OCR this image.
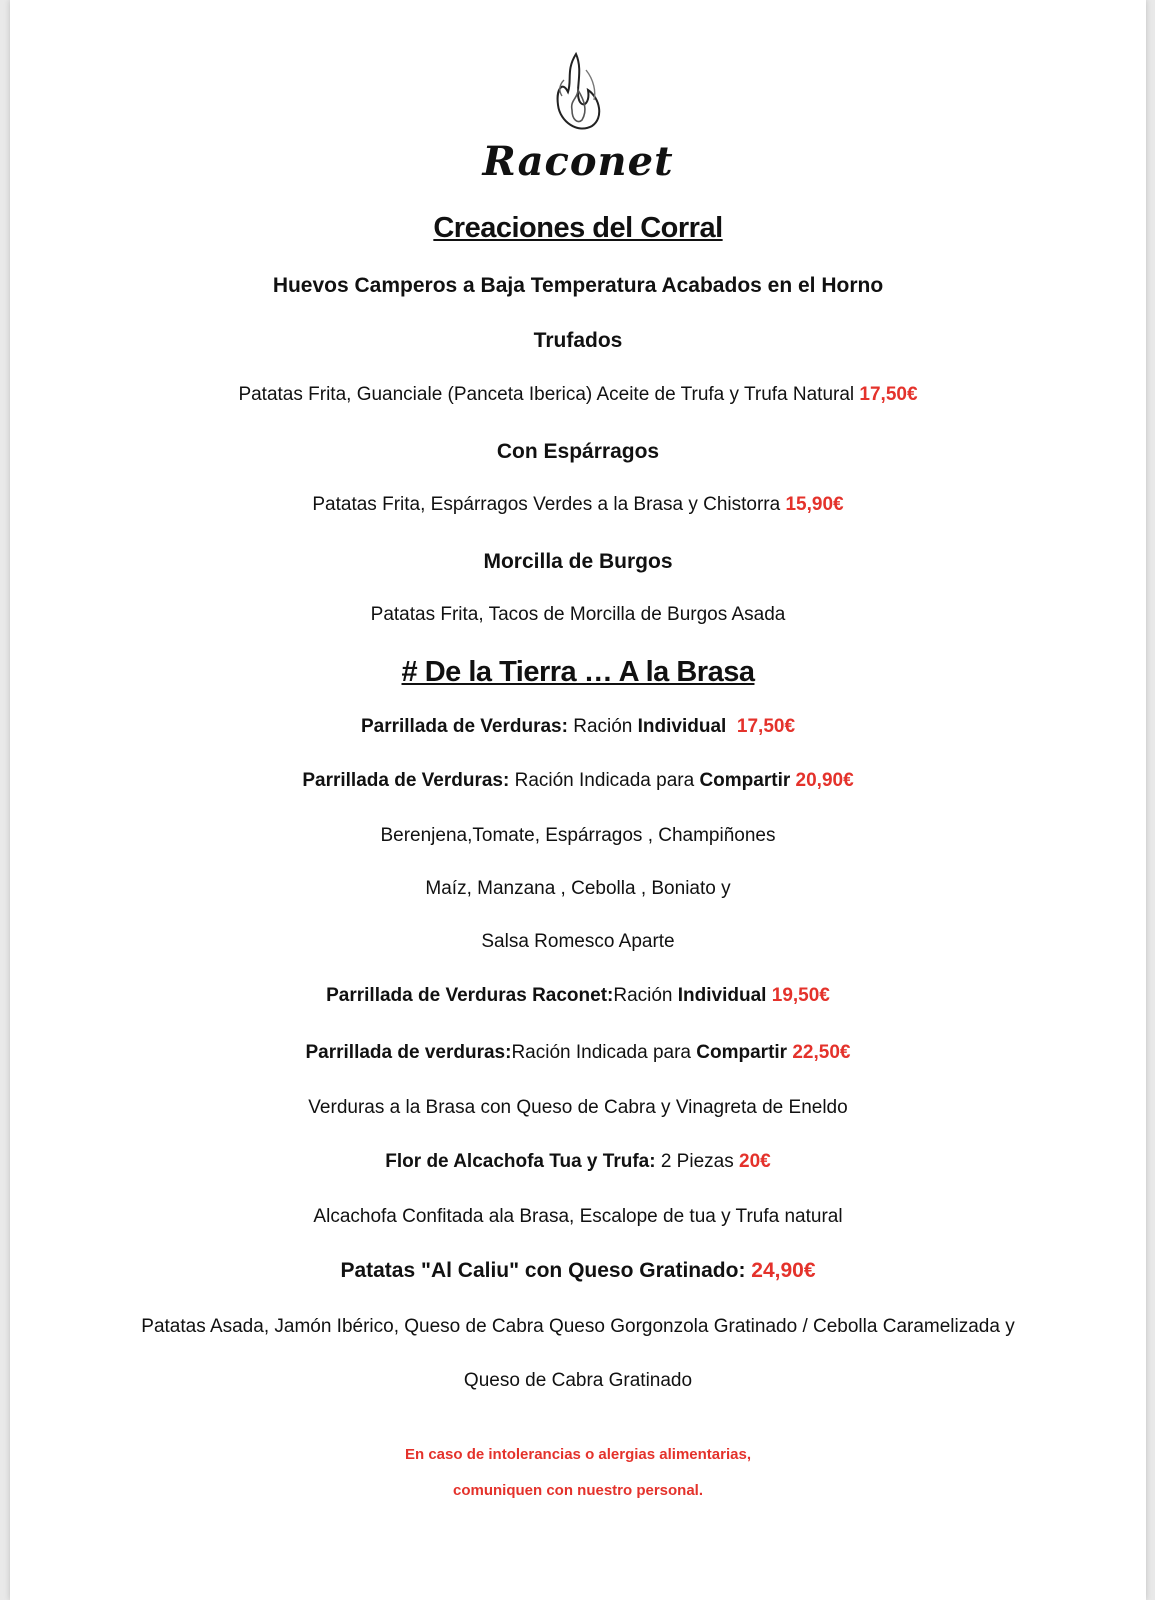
Raconet
Creaciones del Corral
Huevos Camperos a Baja Temperatura Acabados en el Horno
Trufados
Patatas Frita, Guanciale (Panceta Iberica) Aceite de Trufa y Trufa Natural 17,50€
Con Espárragos
Patatas Frita, Espárragos Verdes a la Brasa y Chistorra 15,90€
Morcilla de Burgos
Patatas Frita, Tacos de Morcilla de Burgos Asada
# De la Tierra … A la Brasa
Parrillada de Verduras: Ración Individual 17,50€
Parrillada de Verduras: Ración Indicada para Compartir 20,90€
Berenjena,Tomate, Espárragos , Champiñones
Maíz, Manzana , Cebolla , Boniato y
Salsa Romesco Aparte
Parrillada de Verduras Raconet:Ración Individual 19,50€
Parrillada de verduras:Ración Indicada para Compartir 22,50€
Verduras a la Brasa con Queso de Cabra y Vinagreta de Eneldo
Flor de Alcachofa Tua y Trufa: 2 Piezas 20€
Alcachofa Confitada ala Brasa, Escalope de tua y Trufa natural
Patatas "Al Caliu" con Queso Gratinado: 24,90€
Patatas Asada, Jamón Ibérico, Queso de Cabra Queso Gorgonzola Gratinado / Cebolla Caramelizada y
Queso de Cabra Gratinado
En caso de intolerancias o alergias alimentarias,
comuniquen con nuestro personal.
